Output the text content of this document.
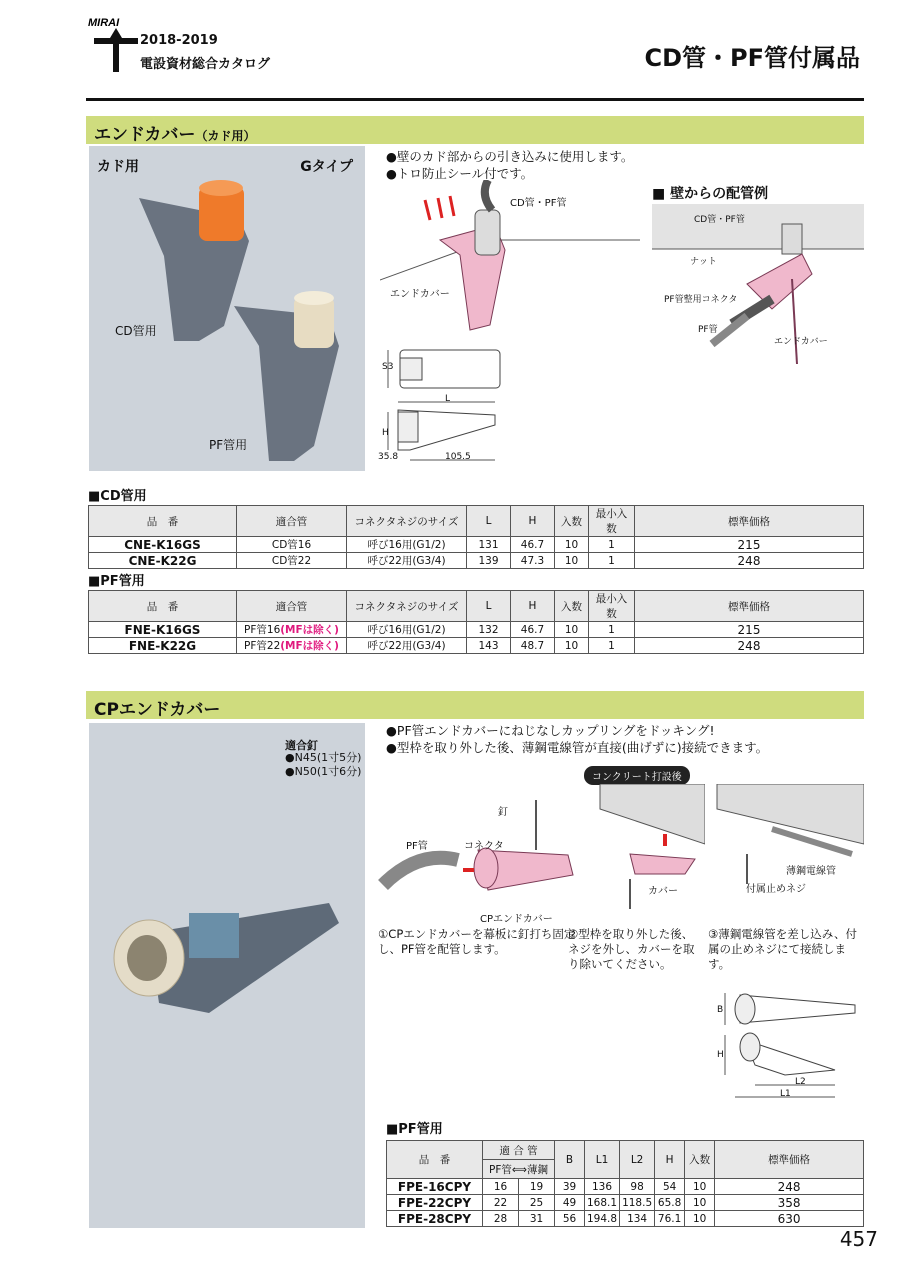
MIRAI
2018-2019
電設資材総合カタログ	CD管・PF管付属品
エンドカバー（カド用）
カド用	Gタイプ
CD管用
PF管用
●壁のカド部からの引き込みに使用します。
●トロ防止シール付です。
CD管・PF管
エンドカバー
■ 壁からの配管例
CD管・PF管
ナット
PF管整用コネクタ
PF管
エンドカバー
S3
L
H
35.8	105.5
■CD管用
品　番	適合管	コネクタネジのサイズ	L	H	入数	最小入数	標準価格
CNE-K16GS	CD管16	呼び16用(G1/2)	131	46.7	10	1	215
CNE-K22G	CD管22	呼び22用(G3/4)	139	47.3	10	1	248
■PF管用
品　番	適合管	コネクタネジのサイズ	L	H	入数	最小入数	標準価格
FNE-K16GS	PF管16(MFは除く)	呼び16用(G1/2)	132	46.7	10	1	215
FNE-K22G	PF管22(MFは除く)	呼び22用(G3/4)	143	48.7	10	1	248
CPエンドカバー
適合釘
●N45(1寸5分)
●N50(1寸6分)
●PF管エンドカバーにねじなしカップリングをドッキング!
●型枠を取り外した後、薄鋼電線管が直接(曲げずに)接続できます。
コンクリート打設後
釘
PF管	コネクタ
CPエンドカバー
カバー
薄鋼電線管
付属止めネジ
①CPエンドカバーを幕板に釘打ち固定し、PF管を配管します。
②型枠を取り外した後、ネジを外し、カバーを取り除いてください。
③薄鋼電線管を差し込み、付属の止めネジにて接続します。
B
H
L2
L1
■PF管用
品　番	適 合 管		B	L1	L2	H	入数	標準価格
	PF管⟺薄鋼							
FPE-16CPY	16	19	39	136	98	54	10	248
FPE-22CPY	22	25	49	168.1	118.5	65.8	10	358
FPE-28CPY	28	31	56	194.8	134	76.1	10	630
457
